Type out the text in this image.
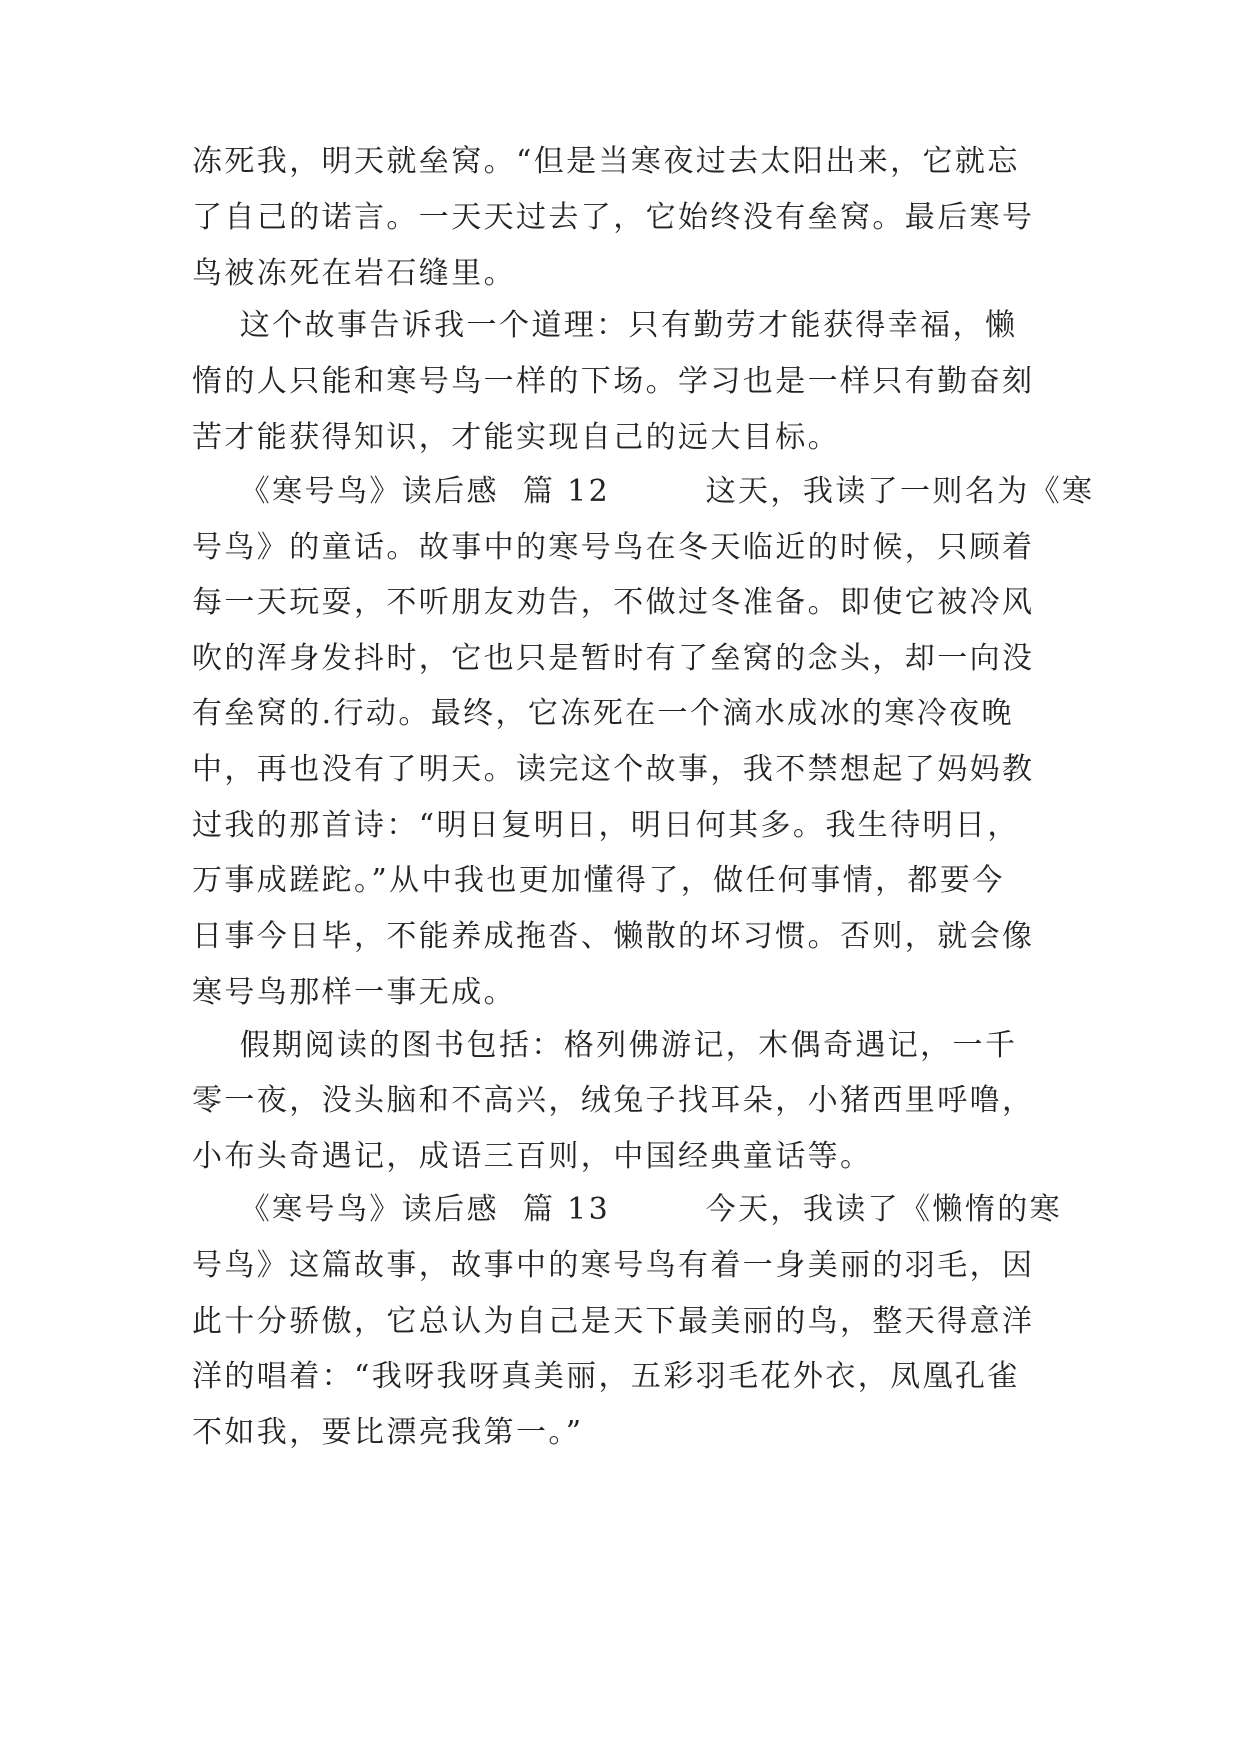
冻死我，明天就垒窝。“但是当寒夜过去太阳出来，它就忘
了自己的诺言。一天天过去了，它始终没有垒窝。最后寒号
鸟被冻死在岩石缝里。
这个故事告诉我一个道理：只有勤劳才能获得幸福，懒
惰的人只能和寒号鸟一样的下场。学习也是一样只有勤奋刻
苦才能获得知识，才能实现自己的远大目标。
《寒号鸟》读后感  篇 12        这天，我读了一则名为《寒
号鸟》的童话。故事中的寒号鸟在冬天临近的时候，只顾着
每一天玩耍，不听朋友劝告，不做过冬准备。即使它被冷风
吹的浑身发抖时，它也只是暂时有了垒窝的念头，却一向没
有垒窝的.行动。最终，它冻死在一个滴水成冰的寒冷夜晚
中，再也没有了明天。读完这个故事，我不禁想起了妈妈教
过我的那首诗：“明日复明日，明日何其多。我生待明日，
万事成蹉跎。”从中我也更加懂得了，做任何事情，都要今
日事今日毕，不能养成拖沓、懒散的坏习惯。否则，就会像
寒号鸟那样一事无成。
假期阅读的图书包括：格列佛游记，木偶奇遇记，一千
零一夜，没头脑和不高兴，绒兔子找耳朵，小猪西里呼噜，
小布头奇遇记，成语三百则，中国经典童话等。
《寒号鸟》读后感  篇 13        今天，我读了《懒惰的寒
号鸟》这篇故事，故事中的寒号鸟有着一身美丽的羽毛，因
此十分骄傲，它总认为自己是天下最美丽的鸟，整天得意洋
洋的唱着：“我呀我呀真美丽，五彩羽毛花外衣，凤凰孔雀
不如我，要比漂亮我第一。”
